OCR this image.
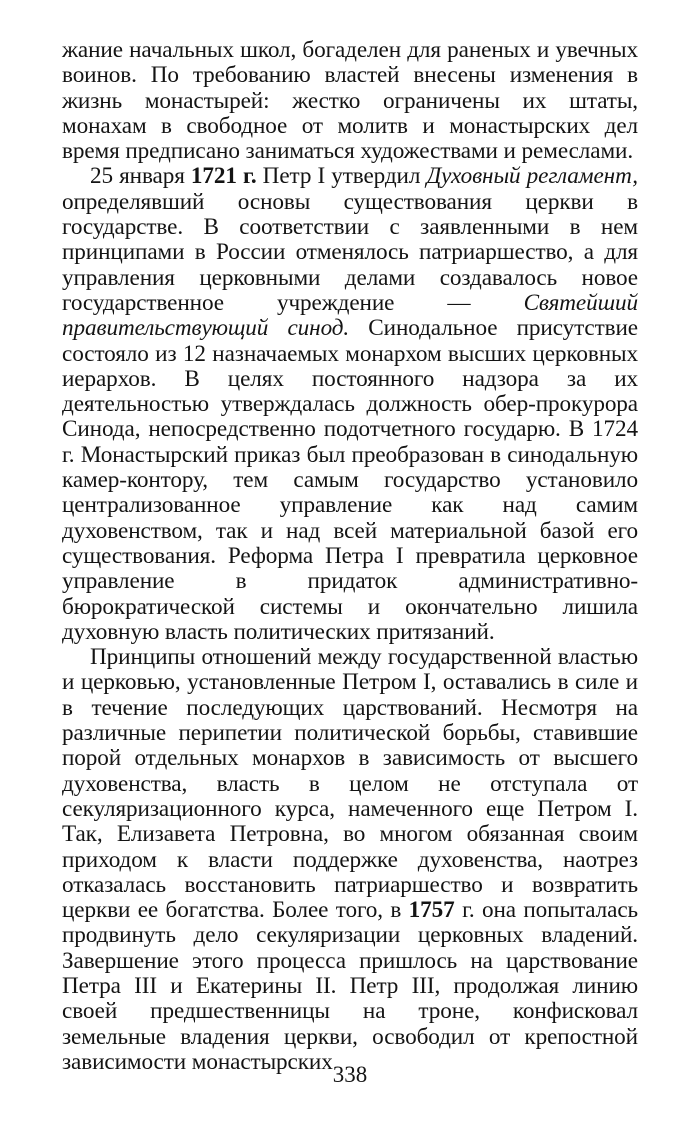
жание начальных школ, богаделен для раненых и увечных воинов. По требованию властей внесены изменения в жизнь монастырей: жестко ограничены их штаты, монахам в свободное от молитв и монастырских дел время предписано заниматься художествами и ремеслами.

25 января 1721 г. Петр I утвердил Духовный регламент, определявший основы существования церкви в государстве. В соответствии с заявленными в нем принципами в России отменялось патриаршество, а для управления церковными делами создавалось новое государственное учреждение — Святейший правительствующий синод. Синодальное присутствие состояло из 12 назначаемых монархом высших церковных иерархов. В целях постоянного надзора за их деятельностью утверждалась должность обер-прокурора Синода, непосредственно подотчетного государю. В 1724 г. Монастырский приказ был преобразован в синодальную камер-контору, тем самым государство установило централизованное управление как над самим духовенством, так и над всей материальной базой его существования. Реформа Петра I превратила церковное управление в придаток административно-бюрократической системы и окончательно лишила духовную власть политических притязаний.

Принципы отношений между государственной властью и церковью, установленные Петром I, оставались в силе и в течение последующих царствований. Несмотря на различные перипетии политической борьбы, ставившие порой отдельных монархов в зависимость от высшего духовенства, власть в целом не отступала от секуляризационного курса, намеченного еще Петром I. Так, Елизавета Петровна, во многом обязанная своим приходом к власти поддержке духовенства, наотрез отказалась восстановить патриаршество и возвратить церкви ее богатства. Более того, в 1757 г. она попыталась продвинуть дело секуляризации церковных владений. Завершение этого процесса пришлось на царствование Петра III и Екатерины II. Петр III, продолжая линию своей предшественницы на троне, конфисковал земельные владения церкви, освободил от крепостной зависимости монастырских 338
